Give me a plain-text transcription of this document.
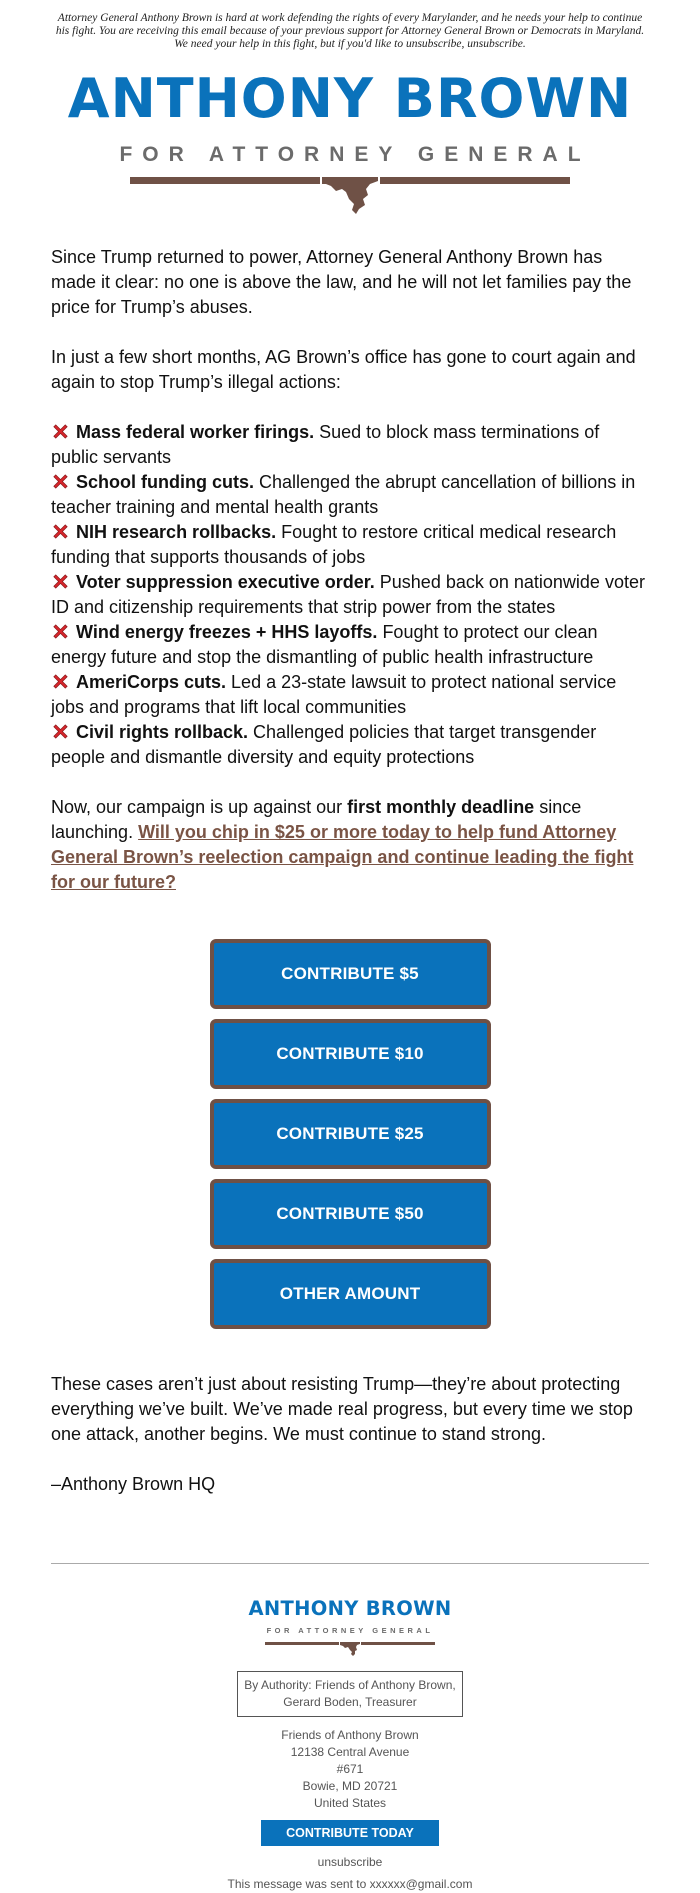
Attorney General Anthony Brown is hard at work defending the rights of every Marylander, and he needs your help to continue his fight. You are receiving this email because of your previous support for Attorney General Brown or Democrats in Maryland. We need your help in this fight, but if you'd like to unsubscribe, unsubscribe.
ANTHONY BROWN
FOR ATTORNEY GENERAL

Since Trump returned to power, Attorney General Anthony Brown has made it clear: no one is above the law, and he will not let families pay the price for Trump’s abuses.

In just a few short months, AG Brown’s office has gone to court again and again to stop Trump’s illegal actions:

Mass federal worker firings. Sued to block mass terminations of public servants

School funding cuts. Challenged the abrupt cancellation of billions in teacher training and mental health grants

NIH research rollbacks. Fought to restore critical medical research funding that supports thousands of jobs

Voter suppression executive order. Pushed back on nationwide voter ID and citizenship requirements that strip power from the states

Wind energy freezes + HHS layoffs. Fought to protect our clean energy future and stop the dismantling of public health infrastructure

AmeriCorps cuts. Led a 23-state lawsuit to protect national service jobs and programs that lift local communities

Civil rights rollback. Challenged policies that target transgender people and dismantle diversity and equity protections

Now, our campaign is up against our first monthly deadline since launching. Will you chip in $25 or more today to help fund Attorney General Brown’s reelection campaign and continue leading the fight for our future?

CONTRIBUTE $5
CONTRIBUTE $10
CONTRIBUTE $25
CONTRIBUTE $50
OTHER AMOUNT

These cases aren’t just about resisting Trump—they’re about protecting everything we’ve built. We’ve made real progress, but every time we stop one attack, another begins. We must continue to stand strong.

–Anthony Brown HQ

ANTHONY BROWN
FOR ATTORNEY GENERAL
By Authority: Friends of Anthony Brown,
Gerard Boden, Treasurer
Friends of Anthony Brown
12138 Central Avenue
#671
Bowie, MD 20721
United States
CONTRIBUTE TODAY
unsubscribe
This message was sent to xxxxxx@gmail.com
